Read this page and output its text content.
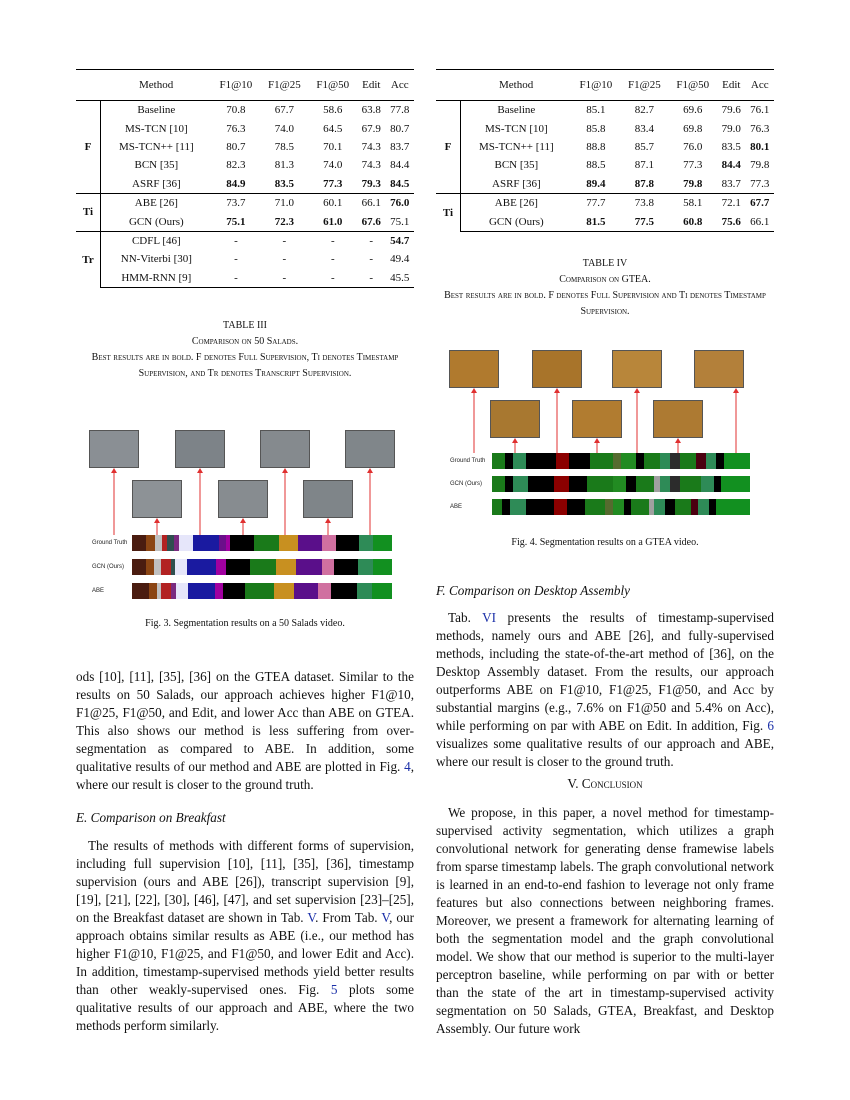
	Method	F1@10	F1@25	F1@50	Edit	Acc
F	Baseline	70.8	67.7	58.6	63.8	77.8
	MS-TCN [10]	76.3	74.0	64.5	67.9	80.7
	MS-TCN++ [11]	80.7	78.5	70.1	74.3	83.7
	BCN [35]	82.3	81.3	74.0	74.3	84.4
	ASRF [36]	84.9	83.5	77.3	79.3	84.5
Ti	ABE [26]	73.7	71.0	60.1	66.1	76.0
	GCN (Ours)	75.1	72.3	61.0	67.6	75.1
Tr	CDFL [46]	-	-	-	-	54.7
	NN-Viterbi [30]	-	-	-	-	49.4
	HMM-RNN [9]	-	-	-	-	45.5
TABLE III
Comparison on 50 Salads.
Best results are in bold. F denotes Full Supervision, Ti denotes Timestamp Supervision, and Tr denotes Transcript Supervision.
Ground Truth
GCN (Ours)
ABE
Fig. 3. Segmentation results on a 50 Salads video.
ods [10], [11], [35], [36] on the GTEA dataset. Similar to the results on 50 Salads, our approach achieves higher F1@10, F1@25, F1@50, and Edit, and lower Acc than ABE on GTEA. This also shows our method is less suffering from over-segmentation as compared to ABE. In addition, some qualitative results of our method and ABE are plotted in Fig. 4, where our result is closer to the ground truth.
E. Comparison on Breakfast
The results of methods with different forms of supervision, including full supervision [10], [11], [35], [36], timestamp supervision (ours and ABE [26]), transcript supervision [9], [19], [21], [22], [30], [46], [47], and set supervision [23]–[25], on the Breakfast dataset are shown in Tab. V. From Tab. V, our approach obtains similar results as ABE (i.e., our method has higher F1@10, F1@25, and F1@50, and lower Edit and Acc). In addition, timestamp-supervised methods yield better results than other weakly-supervised ones. Fig. 5 plots some qualitative results of our approach and ABE, where the two methods perform similarly.
	Method	F1@10	F1@25	F1@50	Edit	Acc
F	Baseline	85.1	82.7	69.6	79.6	76.1
	MS-TCN [10]	85.8	83.4	69.8	79.0	76.3
	MS-TCN++ [11]	88.8	85.7	76.0	83.5	80.1
	BCN [35]	88.5	87.1	77.3	84.4	79.8
	ASRF [36]	89.4	87.8	79.8	83.7	77.3
Ti	ABE [26]	77.7	73.8	58.1	72.1	67.7
	GCN (Ours)	81.5	77.5	60.8	75.6	66.1
TABLE IV
Comparison on GTEA.
Best results are in bold. F denotes Full Supervision and Ti denotes Timestamp Supervision.
Ground Truth
GCN (Ours)
ABE
Fig. 4. Segmentation results on a GTEA video.
F. Comparison on Desktop Assembly
Tab. VI presents the results of timestamp-supervised methods, namely ours and ABE [26], and fully-supervised methods, including the state-of-the-art method of [36], on the Desktop Assembly dataset. From the results, our approach outperforms ABE on F1@10, F1@25, F1@50, and Acc by substantial margins (e.g., 7.6% on F1@50 and 5.4% on Acc), while performing on par with ABE on Edit. In addition, Fig. 6 visualizes some qualitative results of our approach and ABE, where our result is closer to the ground truth.
V. Conclusion
We propose, in this paper, a novel method for timestamp-supervised activity segmentation, which utilizes a graph convolutional network for generating dense framewise labels from sparse timestamp labels. The graph convolutional network is learned in an end-to-end fashion to leverage not only frame features but also connections between neighboring frames. Moreover, we present a framework for alternating learning of both the segmentation model and the graph convolutional model. We show that our method is superior to the multi-layer perceptron baseline, while performing on par with or better than the state of the art in timestamp-supervised activity segmentation on 50 Salads, GTEA, Breakfast, and Desktop Assembly. Our future work
